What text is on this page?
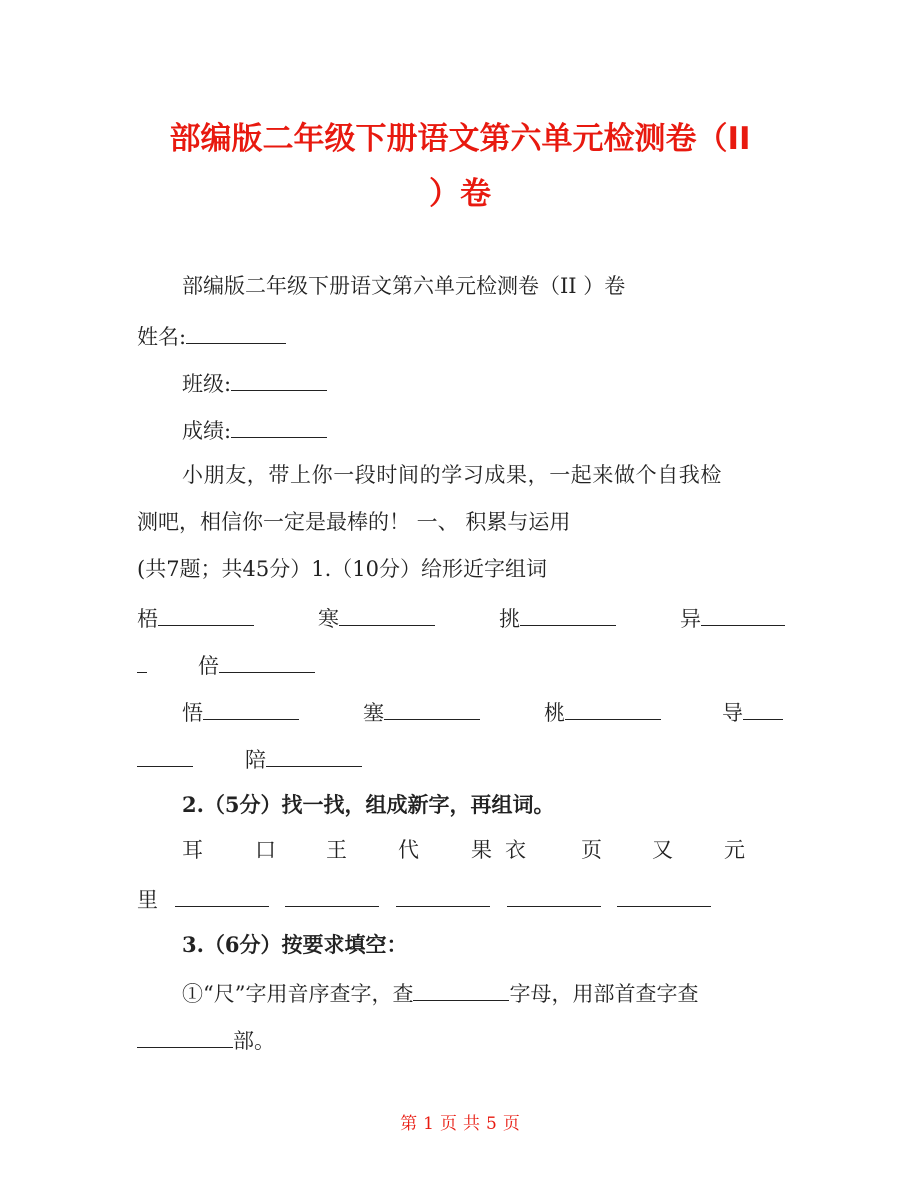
部编版二年级下册语文第六单元检测卷（II
）卷
部编版二年级下册语文第六单元检测卷（II ）卷
姓名:
班级:
成绩:
小朋友，带上你一段时间的学习成果，一起来做个自我检
测吧，相信你一定是最棒的！ 一、 积累与运用
(共7题；共45分）1.（10分）给形近字组词
梧	寒	挑	异
倍
悟	塞	桃	导
陪
2.（5分）找一找，组成新字，再组词。
耳 口 王 代 果 衣	页 又 元
里
3.（6分）按要求填空：
①“尺”字用音序查字，查	字母，用部首查字查
部。
第 1 页 共 5 页
